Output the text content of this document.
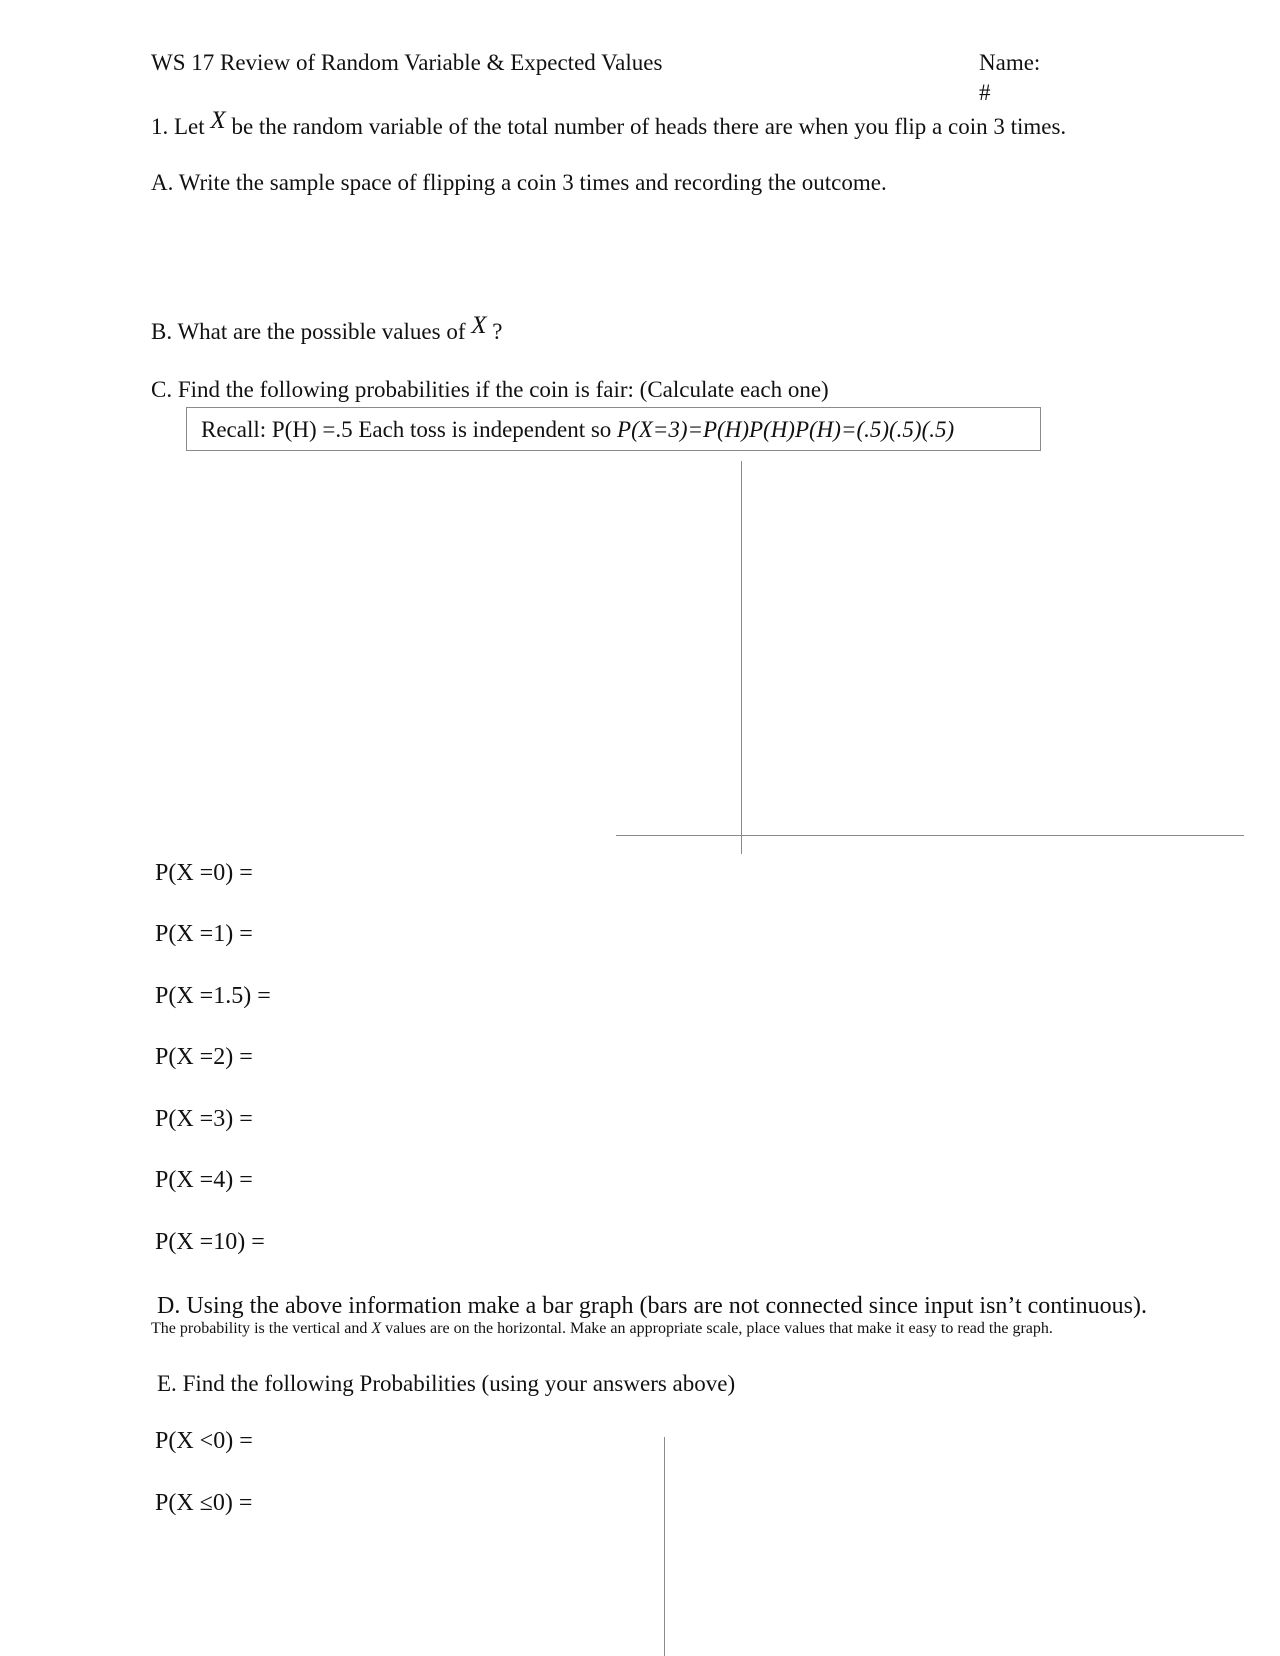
WS 17 Review of Random Variable & Expected Values	Name:
#
1. Let X be the random variable of the total number of heads there are when you flip a coin 3 times.
A. Write the sample space of flipping a coin 3 times and recording the outcome.
B. What are the possible values of X ?
C. Find the following probabilities if the coin is fair: (Calculate each one)
Recall: P(H) =.5 Each toss is independent so P(X=3)=P(H)P(H)P(H)=(.5)(.5)(.5)
P(X =0) =
P(X =1) =
P(X =1.5) =
P(X =2) =
P(X =3) =
P(X =4) =
P(X =10) =
D. Using the above information make a bar graph (bars are not connected since input isn’t continuous).
The probability is the vertical and X values are on the horizontal. Make an appropriate scale, place values that make it easy to read the graph.
E. Find the following Probabilities (using your answers above)
P(X <0) =
P(X ≤0) =
